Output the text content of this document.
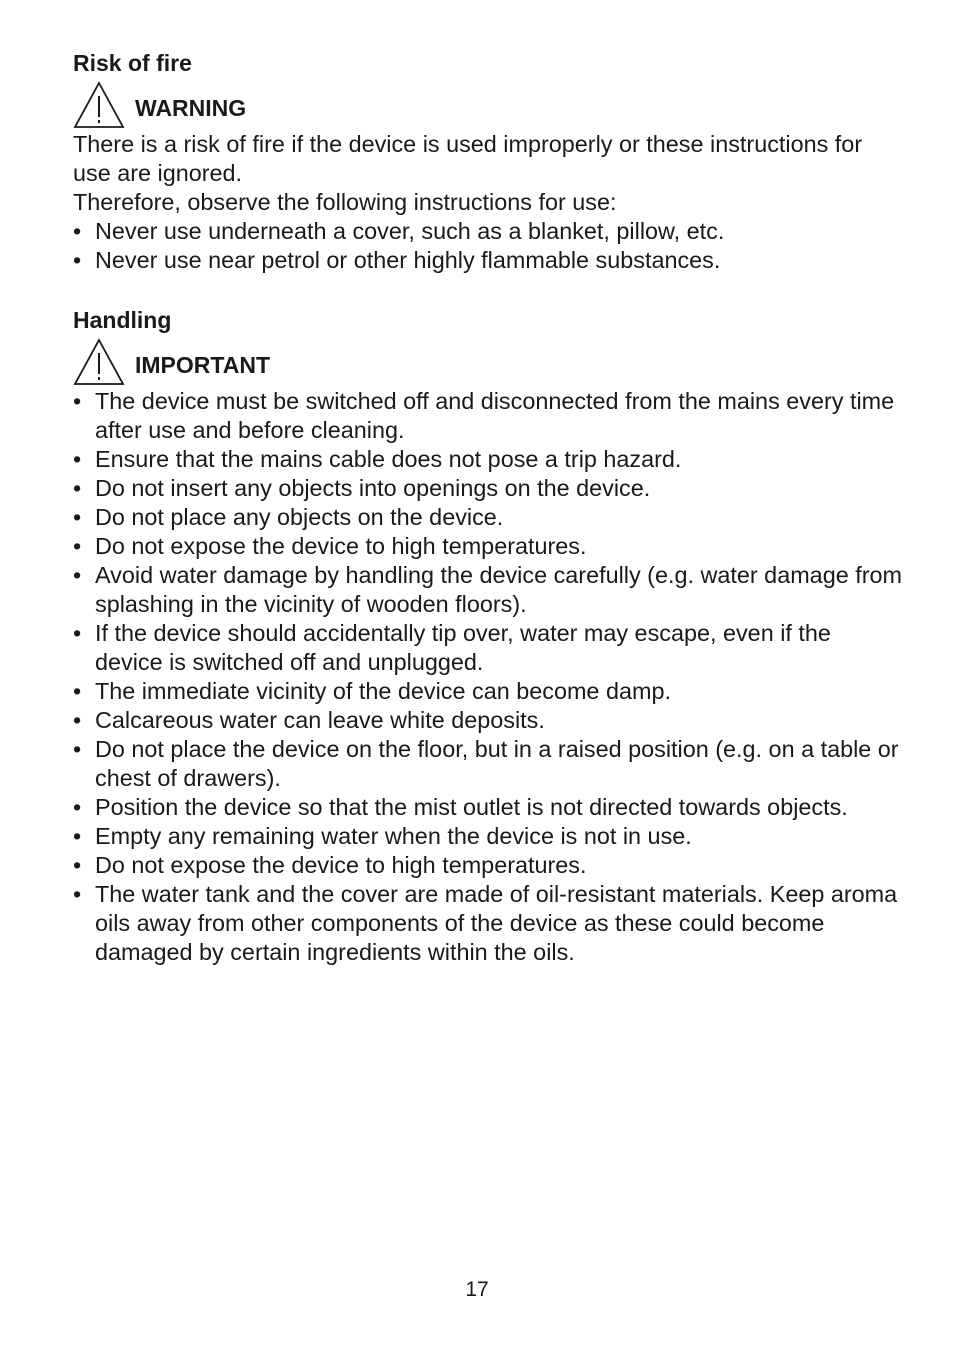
Risk of fire
WARNING

There is a risk of fire if the device is used improperly or these instructions for use are ignored.

Therefore, observe the following instructions for use:

• Never use underneath a cover, such as a blanket, pillow, etc.
• Never use near petrol or other highly flammable substances.
Handling
IMPORTANT
• The device must be switched off and disconnected from the mains every time after use and before cleaning.
• Ensure that the mains cable does not pose a trip hazard.
• Do not insert any objects into openings on the device.
• Do not place any objects on the device.
• Do not expose the device to high temperatures.
• Avoid water damage by handling the device carefully (e.g. water damage from splashing in the vicinity of wooden floors).
• If the device should accidentally tip over, water may escape, even if the device is switched off and unplugged.
• The immediate vicinity of the device can become damp.
• Calcareous water can leave white deposits.
• Do not place the device on the floor, but in a raised position (e.g. on a table or chest of drawers).
• Position the device so that the mist outlet is not directed towards objects.
• Empty any remaining water when the device is not in use.
• Do not expose the device to high temperatures.
• The water tank and the cover are made of oil-resistant materials. Keep aroma oils away from other components of the device as these could become damaged by certain ingredients within the oils.
17
